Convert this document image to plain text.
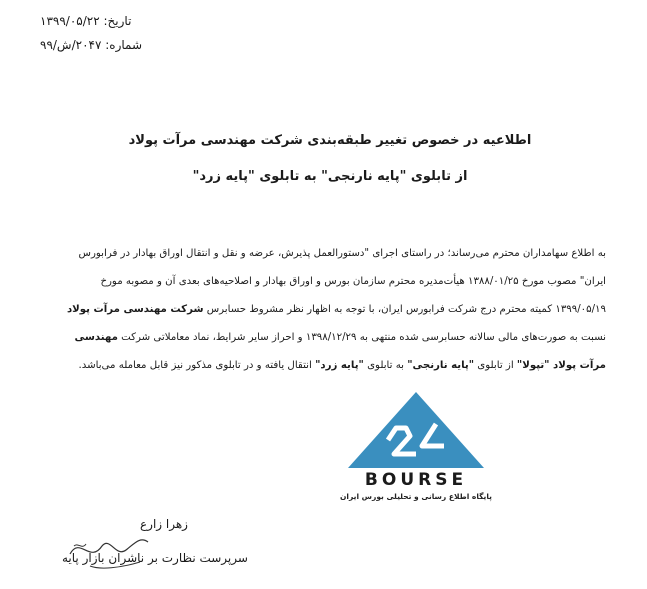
تاریخ: ۱۳۹۹/۰۵/۲۲
شماره: ۲۰۴۷/ش/۹۹
اطلاعیه در خصوص تغییر طبقه‌بندی شرکت مهندسی مرآت پولاد
از تابلوی "پایه نارنجی" به تابلوی "پایه زرد"
به اطلاع سهامداران محترم می‌رساند؛ در راستای اجرای "دستورالعمل پذیرش، عرضه و نقل و انتقال اوراق بهادار در فرابورس
ایران" مصوب مورخ ۱۳۸۸/۰۱/۲۵ هیأت‌مدیره محترم سازمان بورس و اوراق بهادار و اصلاحیه‌های بعدی آن و مصوبه مورخ
۱۳۹۹/۰۵/۱۹ کمیته محترم درج شرکت فرابورس ایران، با توجه به اظهار نظر مشروط حسابرس شرکت مهندسی مرآت پولاد
نسبت به صورت‌های مالی سالانه حسابرسی شده منتهی به ۱۳۹۸/۱۲/۲۹ و احراز سایر شرایط، نماد معاملاتی شرکت مهندسی
مرآت پولاد "تپولا" از تابلوی "پایه نارنجی" به تابلوی "پایه زرد" انتقال یافته و در تابلوی مذکور نیز قابل معامله می‌باشد.
BOURSE
پایگاه اطلاع رسانی و تحلیلی بورس ایران
زهرا زارع
سرپرست نظارت بر ناشران بازار پایه
